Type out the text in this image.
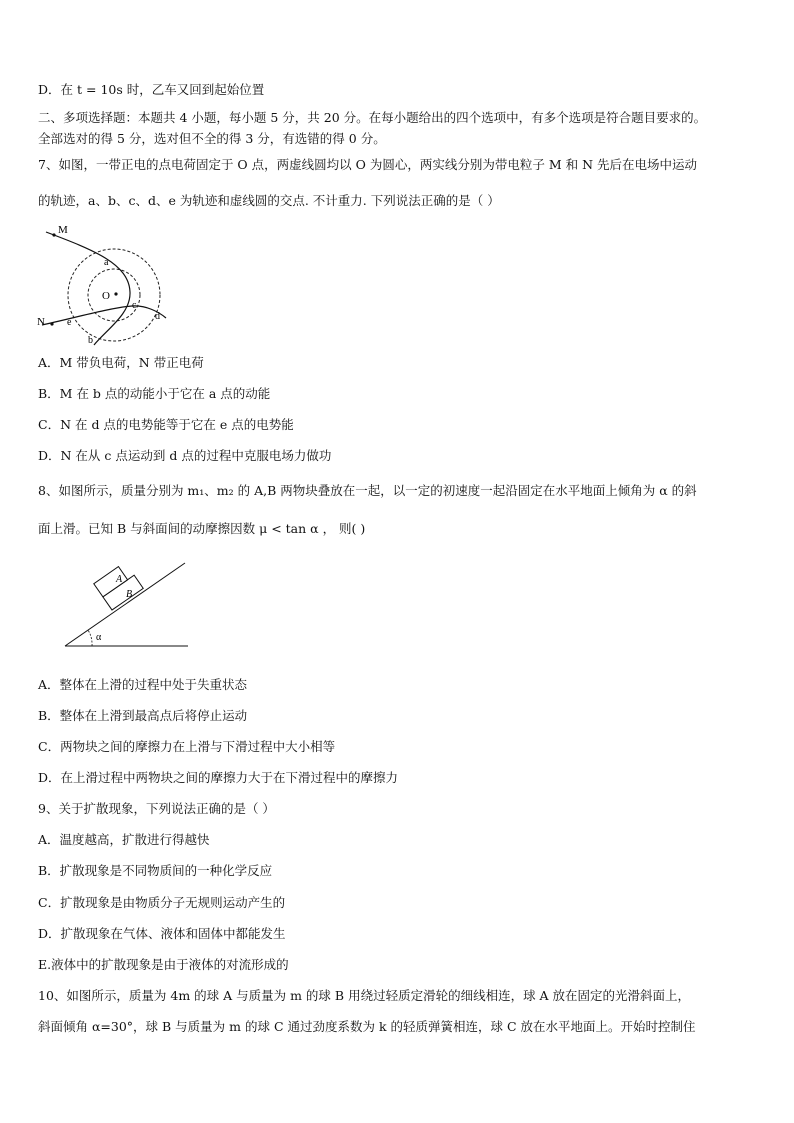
D．在 t = 10s 时，乙车又回到起始位置
二、多项选择题：本题共 4 小题，每小题 5 分，共 20 分。在每小题给出的四个选项中，有多个选项是符合题目要求的。
全部选对的得 5 分，选对但不全的得 3 分，有选错的得 0 分。
7、如图，一带正电的点电荷固定于 O 点，两虚线圆均以 O 为圆心，两实线分别为带电粒子 M 和 N 先后在电场中运动
的轨迹，a、b、c、d、e 为轨迹和虚线圆的交点. 不计重力. 下列说法正确的是（ ）
M
N
O
a
b
c
d
e
A．M 带负电荷，N 带正电荷
B．M 在 b 点的动能小于它在 a 点的动能
C．N 在 d 点的电势能等于它在 e 点的电势能
D．N 在从 c 点运动到 d 点的过程中克服电场力做功
8、如图所示，质量分别为 m₁、m₂ 的 A,B 两物块叠放在一起，以一定的初速度一起沿固定在水平地面上倾角为 α 的斜
面上滑。已知 B 与斜面间的动摩擦因数 μ < tan α ， 则( )
A
B
α
A．整体在上滑的过程中处于失重状态
B．整体在上滑到最高点后将停止运动
C．两物块之间的摩擦力在上滑与下滑过程中大小相等
D．在上滑过程中两物块之间的摩擦力大于在下滑过程中的摩擦力
9、关于扩散现象，下列说法正确的是（ ）
A．温度越高，扩散进行得越快
B．扩散现象是不同物质间的一种化学反应
C．扩散现象是由物质分子无规则运动产生的
D．扩散现象在气体、液体和固体中都能发生
E.液体中的扩散现象是由于液体的对流形成的
10、如图所示，质量为 4m 的球 A 与质量为 m 的球 B 用绕过轻质定滑轮的细线相连，球 A 放在固定的光滑斜面上，
斜面倾角 α=30°，球 B 与质量为 m 的球 C 通过劲度系数为 k 的轻质弹簧相连，球 C 放在水平地面上。开始时控制住
